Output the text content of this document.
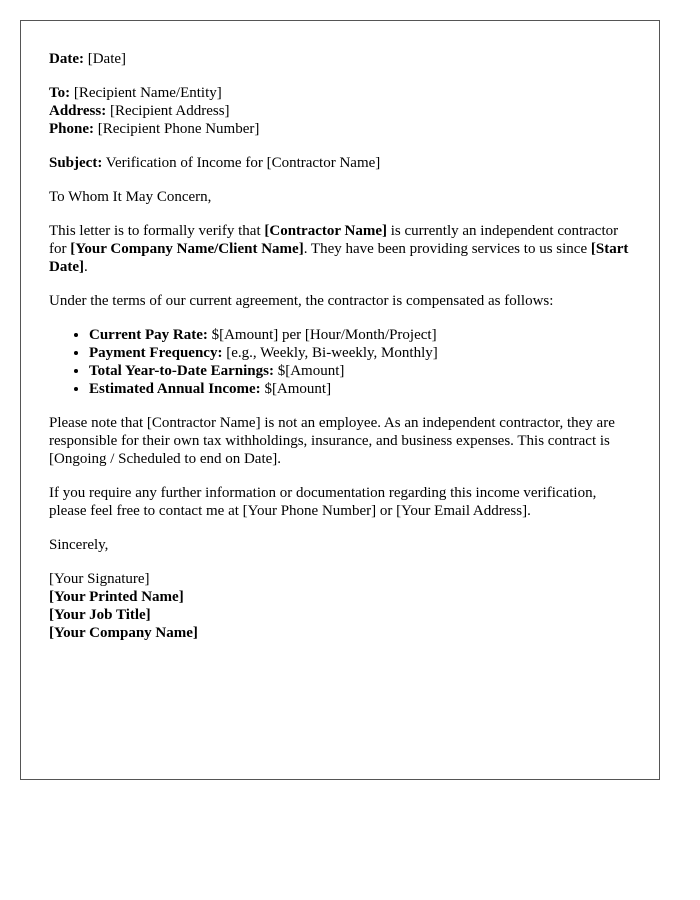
Date: [Date]

To: [Recipient Name/Entity]
Address: [Recipient Address]
Phone: [Recipient Phone Number]

Subject: Verification of Income for [Contractor Name]

To Whom It May Concern,

This letter is to formally verify that [Contractor Name] is currently an independent contractor for [Your Company Name/Client Name]. They have been providing services to us since [Start Date].

Under the terms of our current agreement, the contractor is compensated as follows:

• Current Pay Rate: $[Amount] per [Hour/Month/Project]
• Payment Frequency: [e.g., Weekly, Bi-weekly, Monthly]
• Total Year-to-Date Earnings: $[Amount]
• Estimated Annual Income: $[Amount]

Please note that [Contractor Name] is not an employee. As an independent contractor, they are responsible for their own tax withholdings, insurance, and business expenses. This contract is [Ongoing / Scheduled to end on Date].

If you require any further information or documentation regarding this income verification, please feel free to contact me at [Your Phone Number] or [Your Email Address].

Sincerely,

[Your Signature]

[Your Printed Name]

[Your Job Title]

[Your Company Name]
